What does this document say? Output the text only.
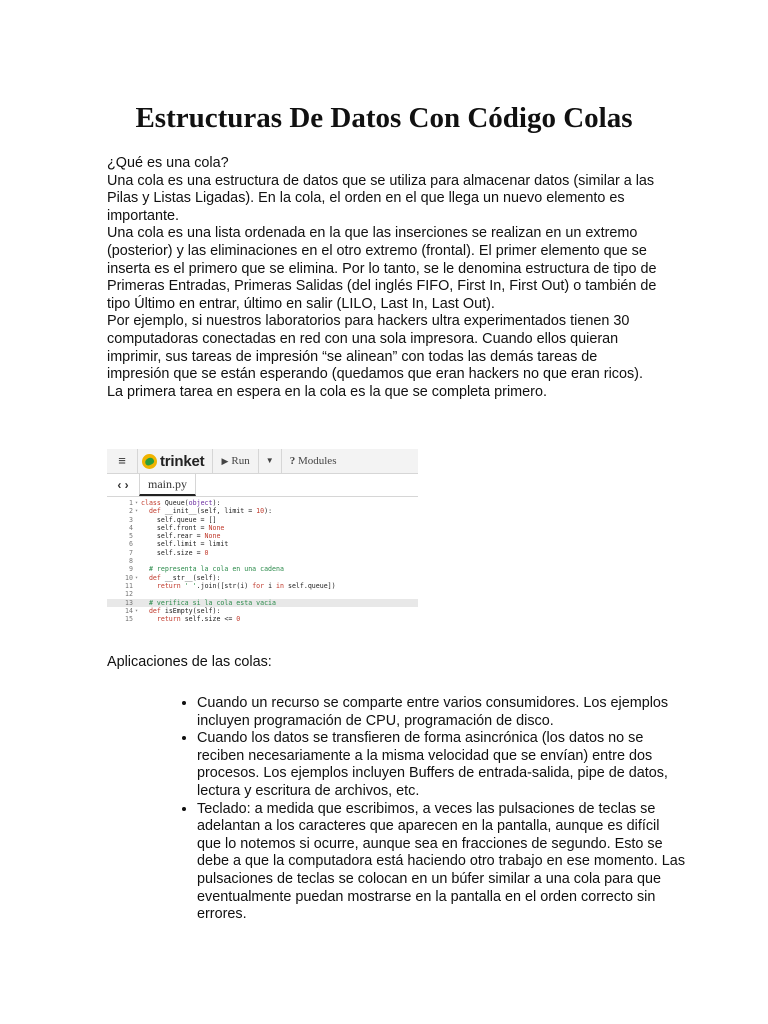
Estructuras De Datos Con Código Colas

¿Qué es una cola?

Una cola es una estructura de datos que se utiliza para almacenar datos (similar a las Pilas y Listas Ligadas). En la cola, el orden en el que llega un nuevo elemento es importante.

Una cola es una lista ordenada en la que las inserciones se realizan en un extremo (posterior) y las eliminaciones en el otro extremo (frontal). El primer elemento que se inserta es el primero que se elimina. Por lo tanto, se le denomina estructura de tipo de Primeras Entradas, Primeras Salidas (del inglés FIFO, First In, First Out) o también de tipo Último en entrar, último en salir (LILO, Last In, Last Out).

Por ejemplo, si nuestros laboratorios para hackers ultra experimentados tienen 30 computadoras conectadas en red con una sola impresora. Cuando ellos quieran imprimir, sus tareas de impresión “se alinean” con todas las demás tareas de impresión que se están esperando (quedamos que eran hackers no que eran ricos). La primera tarea en espera en la cola es la que se completa primero.

≡	trinket ▶ Run	▼	? Modules
‹ ›	main.py
1 ▾ class Queue(object):
2 ▾	def __init__(self, limit = 10):
3	self.queue = []
4	self.front = None
5	self.rear = None
6	self.limit = limit
7	self.size = 0
8
9	# representa la cola en una cadena
10 ▾	def __str__(self):
11	return ' '.join([str(i) for i in self.queue])
12
13	# verifica si la cola esta vacia
14 ▾	def isEmpty(self):
15	return self.size <= 0

Aplicaciones de las colas:

• Cuando un recurso se comparte entre varios consumidores. Los ejemplos incluyen programación de CPU, programación de disco.
• Cuando los datos se transfieren de forma asincrónica (los datos no se reciben necesariamente a la misma velocidad que se envían) entre dos procesos. Los ejemplos incluyen Buffers de entrada-salida, pipe de datos, lectura y escritura de archivos, etc.
• Teclado: a medida que escribimos, a veces las pulsaciones de teclas se adelantan a los caracteres que aparecen en la pantalla, aunque es difícil que lo notemos si ocurre, aunque sea en fracciones de segundo. Esto se debe a que la computadora está haciendo otro trabajo en ese momento. Las pulsaciones de teclas se colocan en un búfer similar a una cola para que eventualmente puedan mostrarse en la pantalla en el orden correcto sin errores.
